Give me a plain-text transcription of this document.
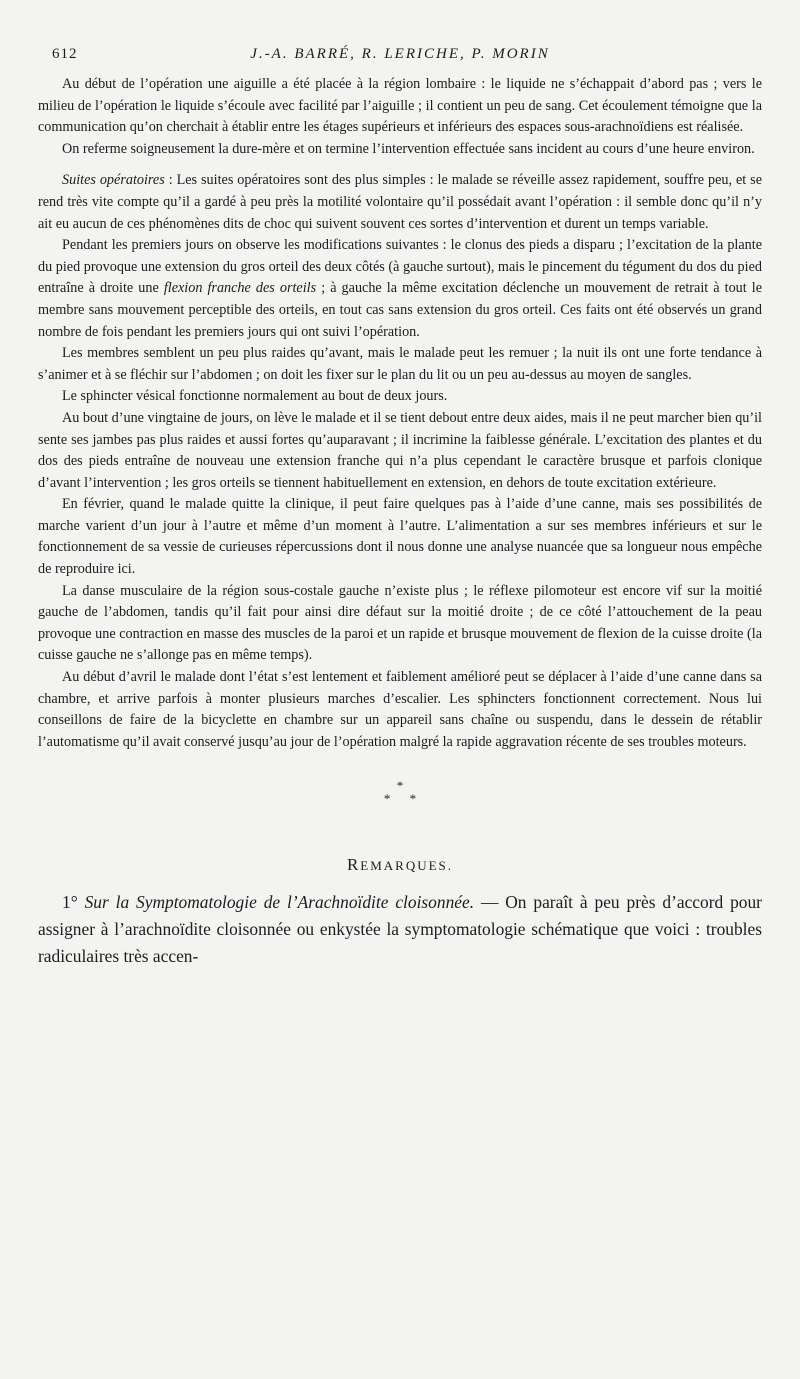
612	J.-A. BARRÉ, R. LERICHE, P. MORIN

Au début de l’opération une aiguille a été placée à la région lombaire : le liquide ne s’échappait d’abord pas ; vers le milieu de l’opération le liquide s’écoule avec facilité par l’aiguille ; il contient un peu de sang. Cet écoulement témoigne que la communication qu’on cherchait à établir entre les étages supérieurs et inférieurs des espaces sous-arachnoïdiens est réalisée.

On referme soigneusement la dure-mère et on termine l’intervention effectuée sans incident au cours d’une heure environ.

Suites opératoires : Les suites opératoires sont des plus simples : le malade se réveille assez rapidement, souffre peu, et se rend très vite compte qu’il a gardé à peu près la motilité volontaire qu’il possédait avant l’opération : il semble donc qu’il n’y ait eu aucun de ces phénomènes dits de choc qui suivent souvent ces sortes d’intervention et durent un temps variable.

Pendant les premiers jours on observe les modifications suivantes : le clonus des pieds a disparu ; l’excitation de la plante du pied provoque une extension du gros orteil des deux côtés (à gauche surtout), mais le pincement du tégument du dos du pied entraîne à droite une flexion franche des orteils ; à gauche la même excitation déclenche un mouvement de retrait à tout le membre sans mouvement perceptible des orteils, en tout cas sans extension du gros orteil. Ces faits ont été observés un grand nombre de fois pendant les premiers jours qui ont suivi l’opération.

Les membres semblent un peu plus raides qu’avant, mais le malade peut les remuer ; la nuit ils ont une forte tendance à s’animer et à se fléchir sur l’abdomen ; on doit les fixer sur le plan du lit ou un peu au-dessus au moyen de sangles.

Le sphincter vésical fonctionne normalement au bout de deux jours.

Au bout d’une vingtaine de jours, on lève le malade et il se tient debout entre deux aides, mais il ne peut marcher bien qu’il sente ses jambes pas plus raides et aussi fortes qu’auparavant ; il incrimine la faiblesse générale. L’excitation des plantes et du dos des pieds entraîne de nouveau une extension franche qui n’a plus cependant le caractère brusque et parfois clonique d’avant l’intervention ; les gros orteils se tiennent habituellement en extension, en dehors de toute excitation extérieure.

En février, quand le malade quitte la clinique, il peut faire quelques pas à l’aide d’une canne, mais ses possibilités de marche varient d’un jour à l’autre et même d’un moment à l’autre. L’alimentation a sur ses membres inférieurs et sur le fonctionnement de sa vessie de curieuses répercussions dont il nous donne une analyse nuancée que sa longueur nous empêche de reproduire ici.

La danse musculaire de la région sous-costale gauche n’existe plus ; le réflexe pilomoteur est encore vif sur la moitié gauche de l’abdomen, tandis qu’il fait pour ainsi dire défaut sur la moitié droite ; de ce côté l’attouchement de la peau provoque une contraction en masse des muscles de la paroi et un rapide et brusque mouvement de flexion de la cuisse droite (la cuisse gauche ne s’allonge pas en même temps).

Au début d’avril le malade dont l’état s’est lentement et faiblement amélioré peut se déplacer à l’aide d’une canne dans sa chambre, et arrive parfois à monter plusieurs marches d’escalier. Les sphincters fonctionnent correctement. Nous lui conseillons de faire de la bicyclette en chambre sur un appareil sans chaîne ou suspendu, dans le dessein de rétablir l’automatisme qu’il avait conservé jusqu’au jour de l’opération malgré la rapide aggravation récente de ses troubles moteurs.

*
* *
REMARQUES.

1° Sur la Symptomatologie de l’Arachnoïdite cloisonnée. — On paraît à peu près d’accord pour assigner à l’arachnoïdite cloisonnée ou enkystée la symptomatologie schématique que voici : troubles radiculaires très accen-
